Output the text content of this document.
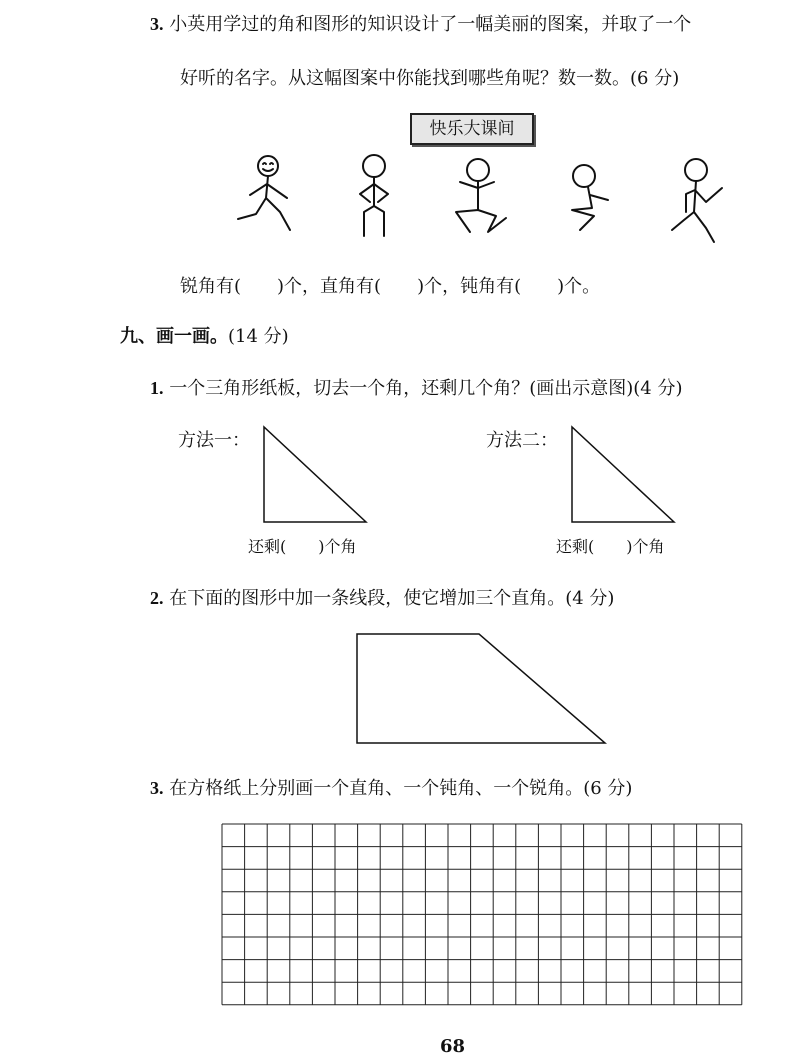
3. 小英用学过的角和图形的知识设计了一幅美丽的图案，并取了一个
好听的名字。从这幅图案中你能找到哪些角呢？数一数。(6 分)
快乐大课间
锐角有(　　)个，直角有(　　)个，钝角有(　　)个。
九、画一画。(14 分)
1. 一个三角形纸板，切去一个角，还剩几个角？(画出示意图)(4 分)
方法一：	方法二：
还剩(　　)个角	还剩(　　)个角
2. 在下面的图形中加一条线段，使它增加三个直角。(4 分)
3. 在方格纸上分别画一个直角、一个钝角、一个锐角。(6 分)
68
